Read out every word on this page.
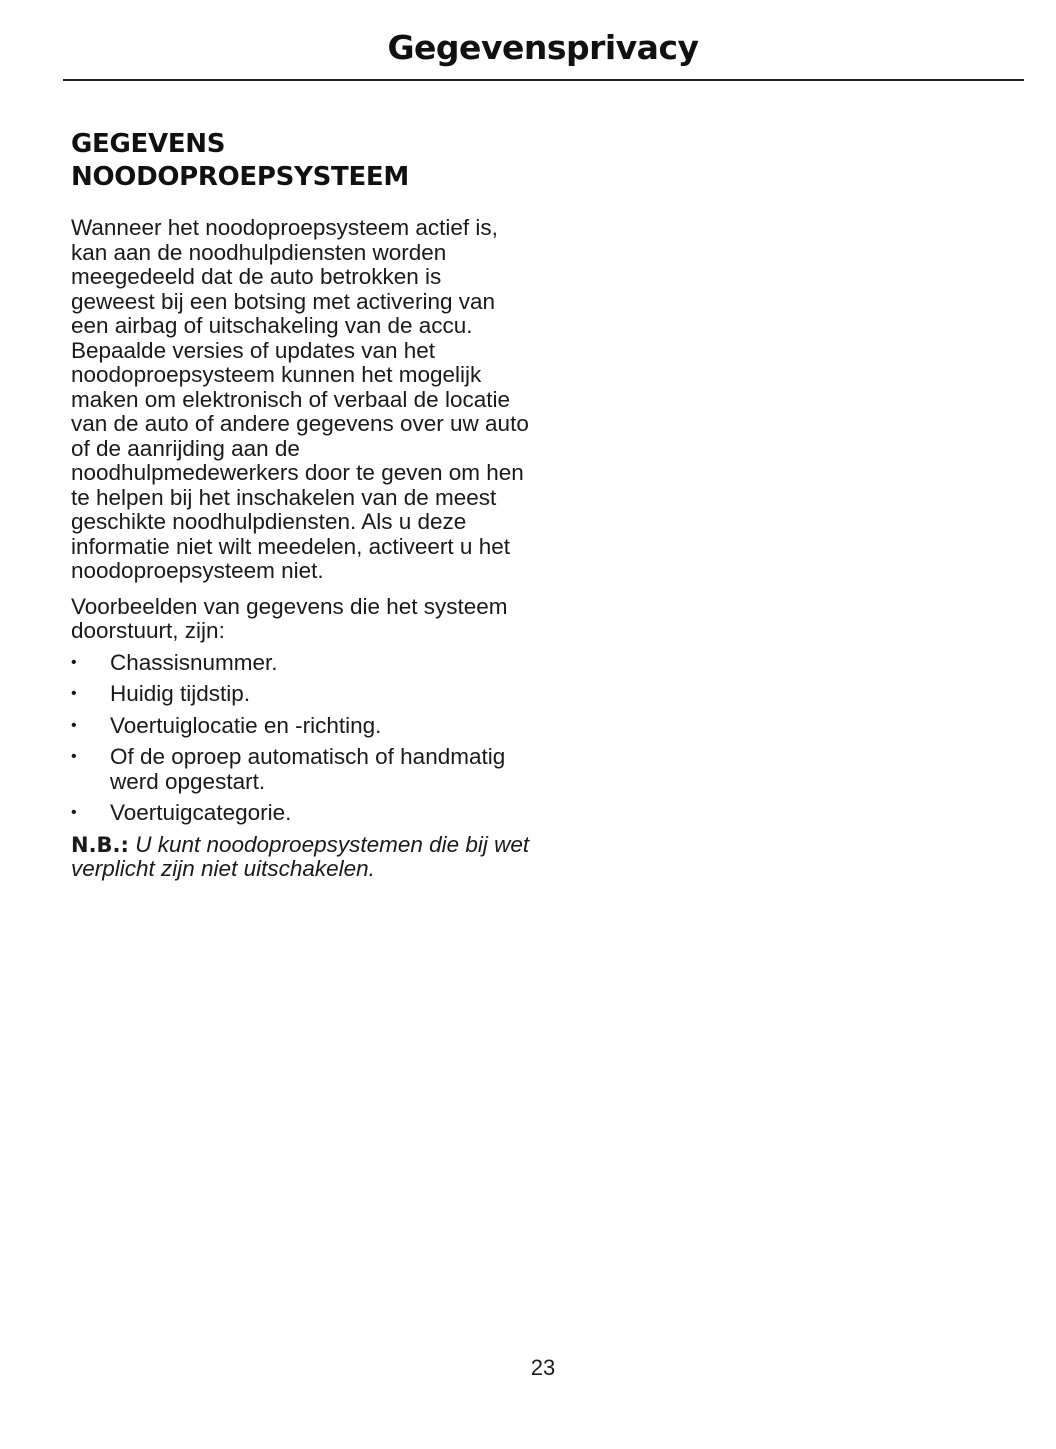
Gegevensprivacy
GEGEVENS
NOODOPROEPSYSTEEM

Wanneer het noodoproepsysteem actief is, kan aan de noodhulpdiensten worden meegedeeld dat de auto betrokken is geweest bij een botsing met activering van een airbag of uitschakeling van de accu. Bepaalde versies of updates van het noodoproepsysteem kunnen het mogelijk maken om elektronisch of verbaal de locatie van de auto of andere gegevens over uw auto of de aanrijding aan de noodhulpmedewerkers door te geven om hen te helpen bij het inschakelen van de meest geschikte noodhulpdiensten. Als u deze informatie niet wilt meedelen, activeert u het noodoproepsysteem niet.

Voorbeelden van gegevens die het systeem doorstuurt, zijn:

• Chassisnummer.
• Huidig tijdstip.
• Voertuiglocatie en -richting.
• Of de oproep automatisch of handmatig werd opgestart.
• Voertuigcategorie.

N.B.: U kunt noodoproepsystemen die bij wet verplicht zijn niet uitschakelen.

23
